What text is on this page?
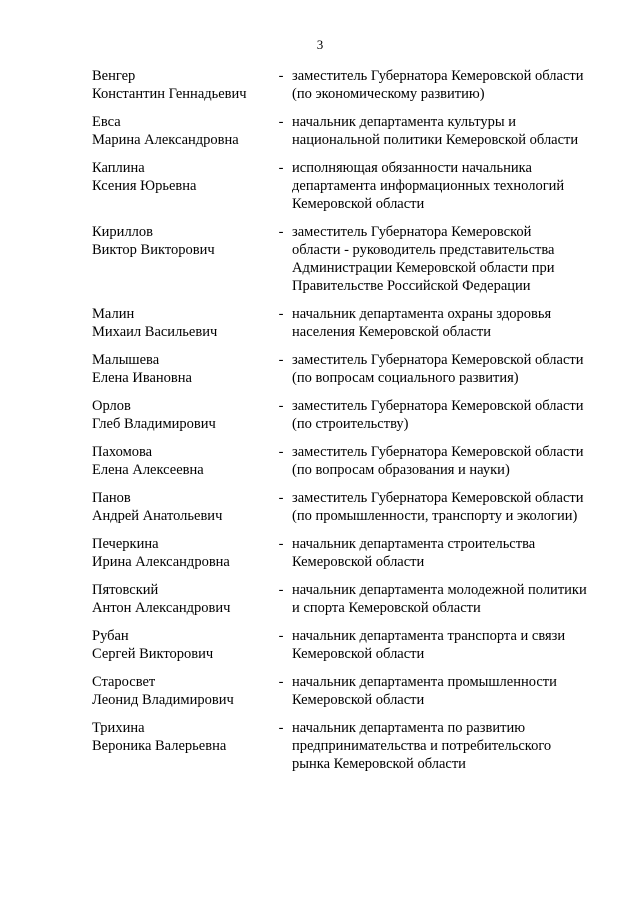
3
Венгер
Константин Геннадьевич
- заместитель Губернатора Кемеровской области
(по экономическому развитию)
Евса
Марина Александровна
- начальник департамента культуры и
национальной политики Кемеровской области
Каплина
Ксения Юрьевна
- исполняющая обязанности начальника
департамента информационных технологий
Кемеровской области
Кириллов
Виктор Викторович
- заместитель Губернатора Кемеровской
области - руководитель представительства
Администрации Кемеровской области при
Правительстве Российской Федерации
Малин
Михаил Васильевич
- начальник департамента охраны здоровья
населения Кемеровской области
Малышева
Елена Ивановна
- заместитель Губернатора Кемеровской области
(по вопросам социального развития)
Орлов
Глеб Владимирович
- заместитель Губернатора Кемеровской области
(по строительству)
Пахомова
Елена Алексеевна
- заместитель Губернатора Кемеровской области
(по вопросам образования и науки)
Панов
Андрей Анатольевич
- заместитель Губернатора Кемеровской области
(по промышленности, транспорту и экологии)
Печеркина
Ирина Александровна
- начальник департамента строительства
Кемеровской области
Пятовский
Антон Александрович
- начальник департамента молодежной политики
и спорта Кемеровской области
Рубан
Сергей Викторович
- начальник департамента транспорта и связи
Кемеровской области
Старосвет
Леонид Владимирович
- начальник департамента промышленности
Кемеровской области
Трихина
Вероника Валерьевна
- начальник департамента по развитию
предпринимательства и потребительского
рынка Кемеровской области
